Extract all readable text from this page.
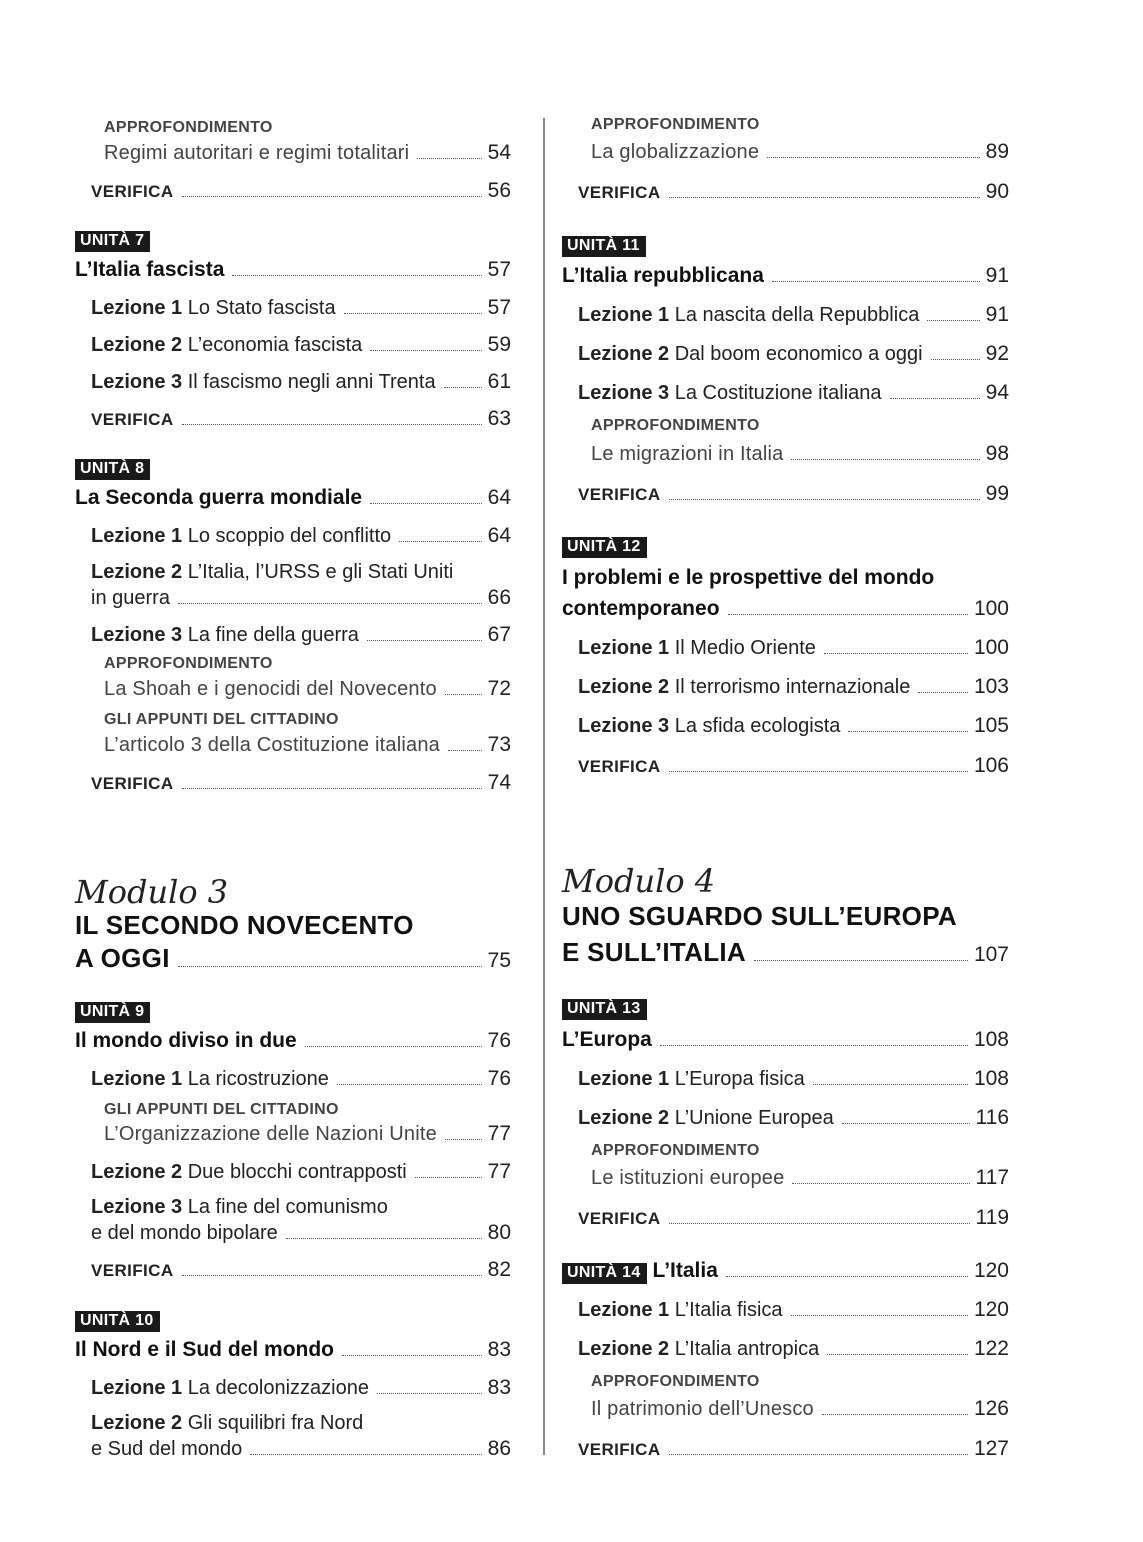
APPROFONDIMENTO
Regimi autoritari e regimi totalitari	54
VERIFICA	56
UNITÀ 7
L’Italia fascista	57
Lezione 1 Lo Stato fascista	57
Lezione 2 L’economia fascista	59
Lezione 3 Il fascismo negli anni Trenta 61
VERIFICA	63
UNITÀ 8
La Seconda guerra mondiale	64
Lezione 1 Lo scoppio del conflitto	64
Lezione 2 L’Italia, l’URSS e gli Stati Uniti
in guerra	66
Lezione 3 La fine della guerra	67
APPROFONDIMENTO
La Shoah e i genocidi del Novecento 72
GLI APPUNTI DEL CITTADINO
L’articolo 3 della Costituzione italiana 73
VERIFICA	74
Modulo 3
IL SECONDO NOVECENTO
A OGGI	75
UNITÀ 9
Il mondo diviso in due	76
Lezione 1 La ricostruzione	76
GLI APPUNTI DEL CITTADINO
L’Organizzazione delle Nazioni Unite 77
Lezione 2 Due blocchi contrapposti	77
Lezione 3 La fine del comunismo
e del mondo bipolare	80
VERIFICA	82
UNITÀ 10
Il Nord e il Sud del mondo	83
Lezione 1 La decolonizzazione	83
Lezione 2 Gli squilibri fra Nord
e Sud del mondo	86
APPROFONDIMENTO
La globalizzazione	89
VERIFICA	90
UNITÀ 11
L’Italia repubblicana	91
Lezione 1 La nascita della Repubblica	91
Lezione 2 Dal boom economico a oggi	92
Lezione 3 La Costituzione italiana	94
APPROFONDIMENTO
Le migrazioni in Italia	98
VERIFICA	99
UNITÀ 12
I problemi e le prospettive del mondo
contemporaneo	100
Lezione 1 Il Medio Oriente	100
Lezione 2 Il terrorismo internazionale	103
Lezione 3 La sfida ecologista	105
VERIFICA	106
Modulo 4
UNO SGUARDO SULL’EUROPA
E SULL’ITALIA	107
UNITÀ 13
L’Europa	108
Lezione 1 L’Europa fisica	108
Lezione 2 L’Unione Europea	116
APPROFONDIMENTO
Le istituzioni europee	117
VERIFICA	119
UNITÀ 14 L’Italia	120
Lezione 1 L’Italia fisica	120
Lezione 2 L’Italia antropica	122
APPROFONDIMENTO
Il patrimonio dell’Unesco	126
VERIFICA	127
